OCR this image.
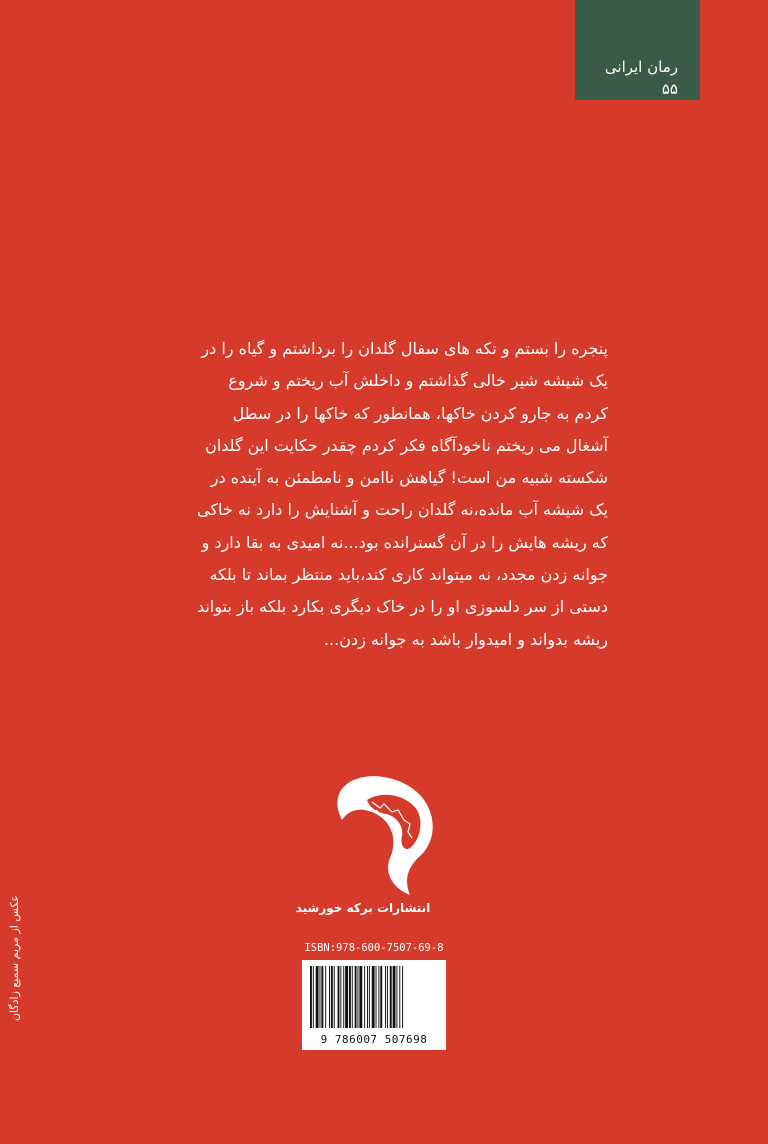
رمان ایرانی
۵۵
پنجره را بستم و تکه های سفال گلدان را برداشتم و گیاه را در
یک شیشه شیر خالی گذاشتم و داخلش آب ریختم و شروع
کردم به جارو کردن خاکها، همانطور که خاکها را در سطل
آشغال می ریختم ناخودآگاه فکر کردم چقدر حکایت این گلدان
شکسته شبیه من است! گیاهش نا‌امن و نامطمئن به آینده در
یک شیشه آب مانده،نه گلدان راحت و آشنایش را دارد نه خاکی
که ریشه هایش را در آن گسترانده بود...نه امیدی به بقا دارد و
جوانه زدن مجدد، نه میتواند کاری کند،باید منتظر بماند تا بلکه
دستی از سر دلسوزی او را در خاک دیگری بکارد بلکه باز بتواند
ریشه بدواند و امیدوار باشد به جوانه زدن...
انتشارات برکه خورشید
ISBN:978-600-7507-69-8
9 786007 507698
عکس از مریم سمیع زادگان
